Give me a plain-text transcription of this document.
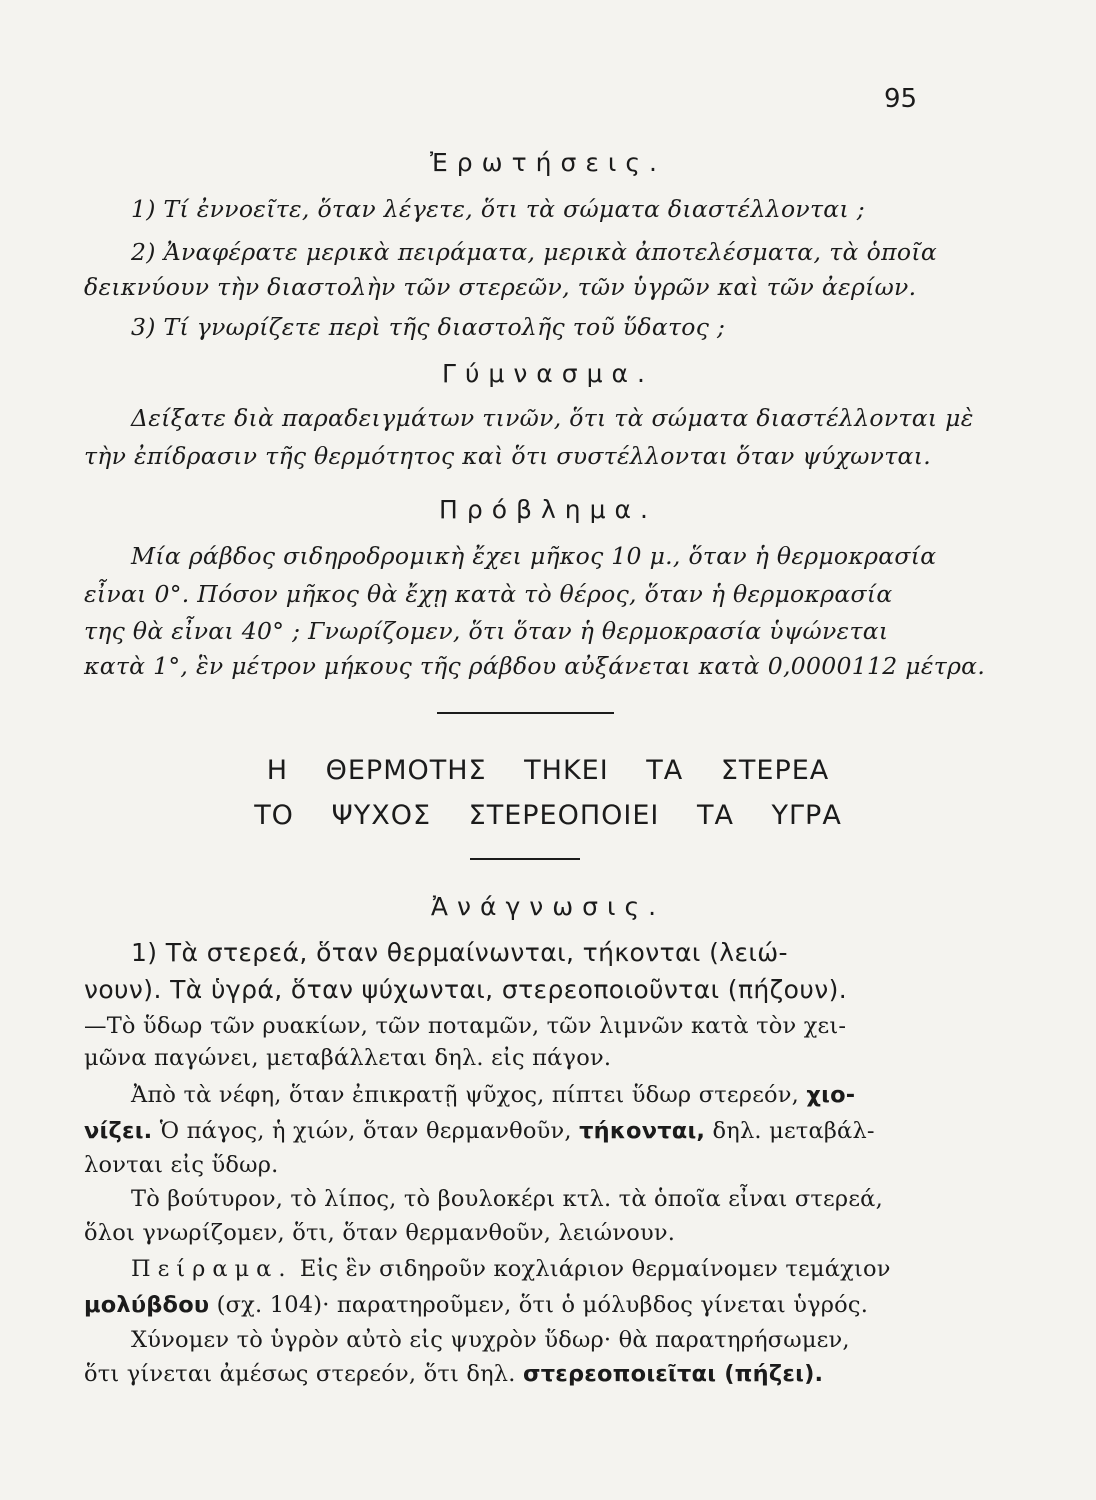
95
Ἐρωτήσεις.
1) Τί ἐννοεῖτε, ὅταν λέγετε, ὅτι τὰ σώματα διαστέλλονται ;
2) Ἀναφέρατε μερικὰ πειράματα, μερικὰ ἀποτελέσματα, τὰ ὁποῖα
δεικνύουν τὴν διαστολὴν τῶν στερεῶν, τῶν ὑγρῶν καὶ τῶν ἀερίων.
3) Τί γνωρίζετε περὶ τῆς διαστολῆς τοῦ ὕδατος ;
Γύμνασμα.
Δείξατε διὰ παραδειγμάτων τινῶν, ὅτι τὰ σώματα διαστέλλονται μὲ
τὴν ἐπίδρασιν τῆς θερμότητος καὶ ὅτι συστέλλονται ὅταν ψύχωνται.
Πρόβλημα.
Μία ράβδος σιδηροδρομικὴ ἔχει μῆκος 10 μ., ὅταν ἡ θερμοκρασία
εἶναι 0°. Πόσον μῆκος θὰ ἔχῃ κατὰ τὸ θέρος, ὅταν ἡ θερμοκρασία
της θὰ εἶναι 40° ; Γνωρίζομεν, ὅτι ὅταν ἡ θερμοκρασία ὑψώνεται
κατὰ 1°, ἓν μέτρον μήκους τῆς ράβδου αὐξάνεται κατὰ 0,0000112 μέτρα.
Η ΘΕΡΜΟΤΗΣ ΤΗΚΕΙ ΤΑ ΣΤΕΡΕΑ
ΤΟ ΨΥΧΟΣ ΣΤΕΡΕΟΠΟΙΕΙ ΤΑ ΥΓΡΑ
Ἀνάγνωσις.
1) Τὰ στερεά, ὅταν θερμαίνωνται, τήκονται (λειώ-
νουν). Τὰ ὑγρά, ὅταν ψύχωνται, στερεοποιοῦνται (πήζουν).
—Τὸ ὕδωρ τῶν ρυακίων, τῶν ποταμῶν, τῶν λιμνῶν κατὰ τὸν χει-
μῶνα παγώνει, μεταβάλλεται δηλ. εἰς πάγον.
Ἀπὸ τὰ νέφη, ὅταν ἐπικρατῇ ψῦχος, πίπτει ὕδωρ στερεόν, χιο-
νίζει. Ὁ πάγος, ἡ χιών, ὅταν θερμανθοῦν, τήκονται, δηλ. μεταβάλ-
λονται εἰς ὕδωρ.
Τὸ βούτυρον, τὸ λίπος, τὸ βουλοκέρι κτλ. τὰ ὁποῖα εἶναι στερεά,
ὅλοι γνωρίζομεν, ὅτι, ὅταν θερμανθοῦν, λειώνουν.
Πείραμα. Εἰς ἓν σιδηροῦν κοχλιάριον θερμαίνομεν τεμάχιον
μολύβδου (σχ. 104)· παρατηροῦμεν, ὅτι ὁ μόλυβδος γίνεται ὑγρός.
Χύνομεν τὸ ὑγρὸν αὐτὸ εἰς ψυχρὸν ὕδωρ· θὰ παρατηρήσωμεν,
ὅτι γίνεται ἀμέσως στερεόν, ὅτι δηλ. στερεοποιεῖται (πήζει).
